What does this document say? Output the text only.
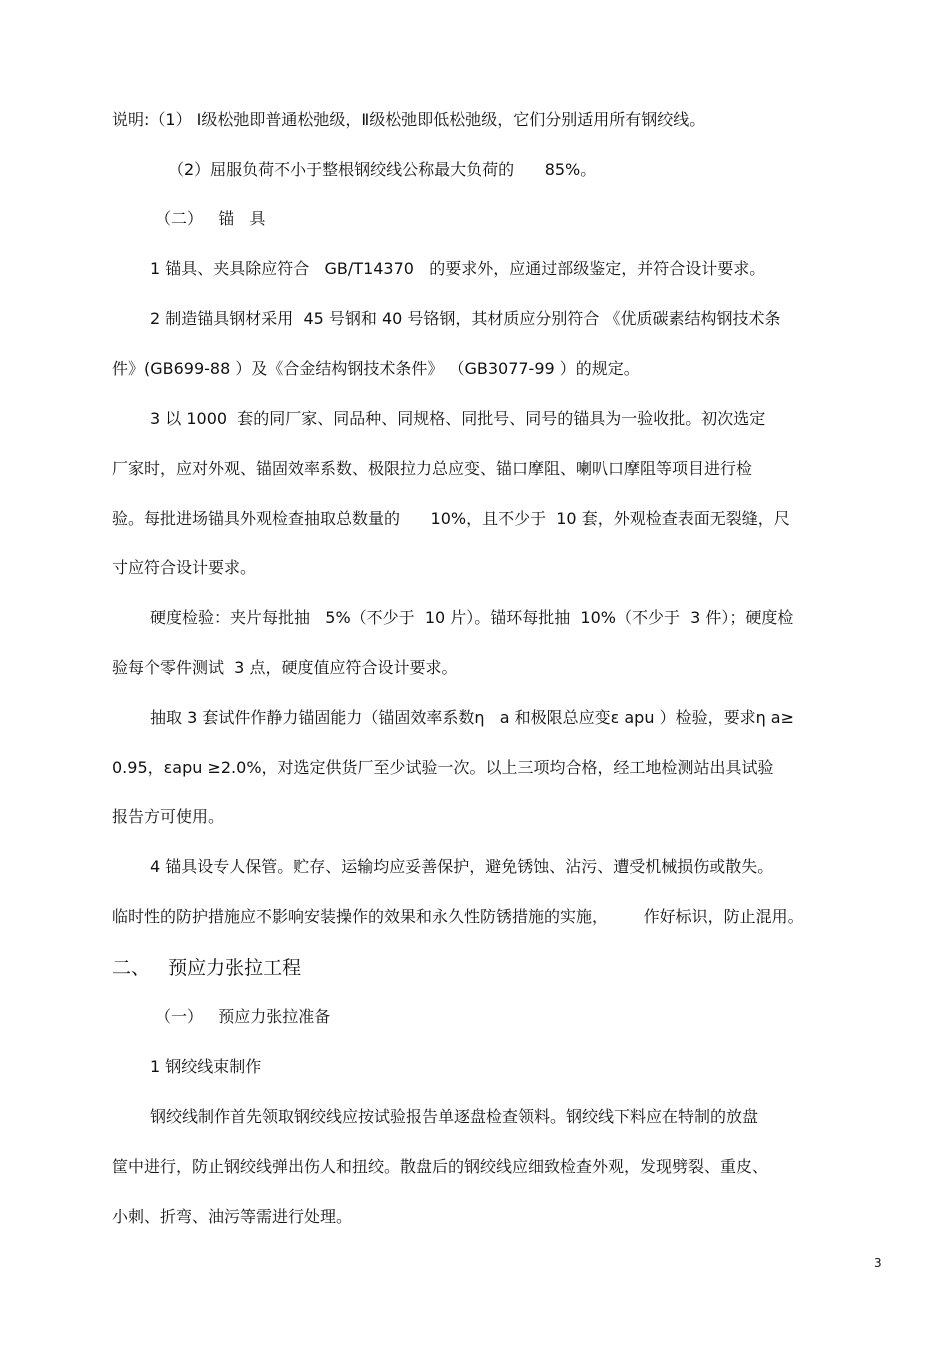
说明:（1） Ⅰ级松弛即普通松弛级，Ⅱ级松弛即低松弛级，它们分别适用所有钢绞线。
（2）屈服负荷不小于整根钢绞线公称最大负荷的      85%。
（二）   锚   具
1 锚具、夹具除应符合   GB/T14370   的要求外，应通过部级鉴定，并符合设计要求。
2 制造锚具钢材采用  45 号钢和 40 号铬钢，其材质应分别符合 《优质碳素结构钢技术条
件》(GB699-88 ）及《合金结构钢技术条件》 （GB3077-99 ）的规定。
3 以 1000  套的同厂家、同品种、同规格、同批号、同号的锚具为一验收批。初次选定
厂家时，应对外观、锚固效率系数、极限拉力总应变、锚口摩阻、喇叭口摩阻等项目进行检
验。每批进场锚具外观检查抽取总数量的      10%，且不少于  10 套，外观检查表面无裂缝，尺
寸应符合设计要求。
硬度检验：夹片每批抽   5%（不少于  10 片）。锚环每批抽  10%（不少于  3 件）；硬度检
验每个零件测试  3 点，硬度值应符合设计要求。
抽取 3 套试件作静力锚固能力（锚固效率系数η   a 和极限总应变ε apu ）检验，要求η a≥
0.95，εapu ≥2.0%，对选定供货厂至少试验一次。以上三项均合格，经工地检测站出具试验
报告方可使用。
4 锚具设专人保管。贮存、运输均应妥善保护，避免锈蚀、沾污、遭受机械损伤或散失。
临时性的防护措施应不影响安装操作的效果和永久性防锈措施的实施，       作好标识，防止混用。
二、   预应力张拉工程
（一）   预应力张拉准备
1 钢绞线束制作
钢绞线制作首先领取钢绞线应按试验报告单逐盘检查领料。钢绞线下料应在特制的放盘
筐中进行，防止钢绞线弹出伤人和扭绞。散盘后的钢绞线应细致检查外观，发现劈裂、重皮、
小刺、折弯、油污等需进行处理。
3
